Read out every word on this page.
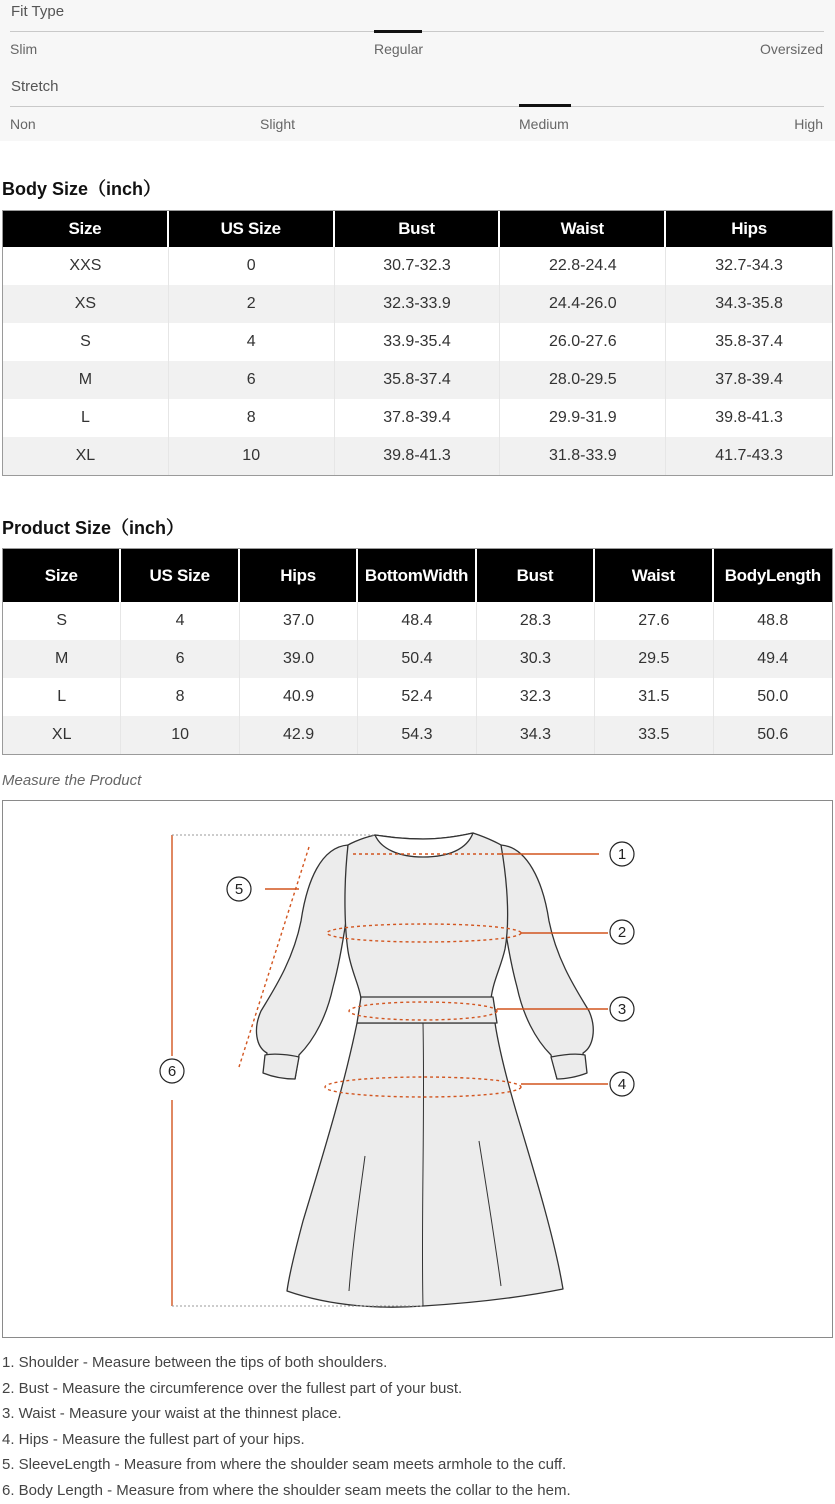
Fit Type
Slim	Regular	Oversized
Stretch
Non	Slight	Medium	High
Body Size（inch）
Size	US Size	Bust	Waist	Hips
XXS	0	30.7-32.3	22.8-24.4	32.7-34.3
XS	2	32.3-33.9	24.4-26.0	34.3-35.8
S	4	33.9-35.4	26.0-27.6	35.8-37.4
M	6	35.8-37.4	28.0-29.5	37.8-39.4
L	8	37.8-39.4	29.9-31.9	39.8-41.3
XL	10	39.8-41.3	31.8-33.9	41.7-43.3
Product Size（inch）
Size	US Size	Hips	BottomWidth	Bust	Waist	BodyLength
S	4	37.0	48.4	28.3	27.6	48.8
M	6	39.0	50.4	30.3	29.5	49.4
L	8	40.9	52.4	32.3	31.5	50.0
XL	10	42.9	54.3	34.3	33.5	50.6
Measure the Product
1
2
3
4
5
6
1. Shoulder - Measure between the tips of both shoulders.
2. Bust - Measure the circumference over the fullest part of your bust.
3. Waist - Measure your waist at the thinnest place.
4. Hips - Measure the fullest part of your hips.
5. SleeveLength - Measure from where the shoulder seam meets armhole to the cuff.
6. Body Length - Measure from where the shoulder seam meets the collar to the hem.
